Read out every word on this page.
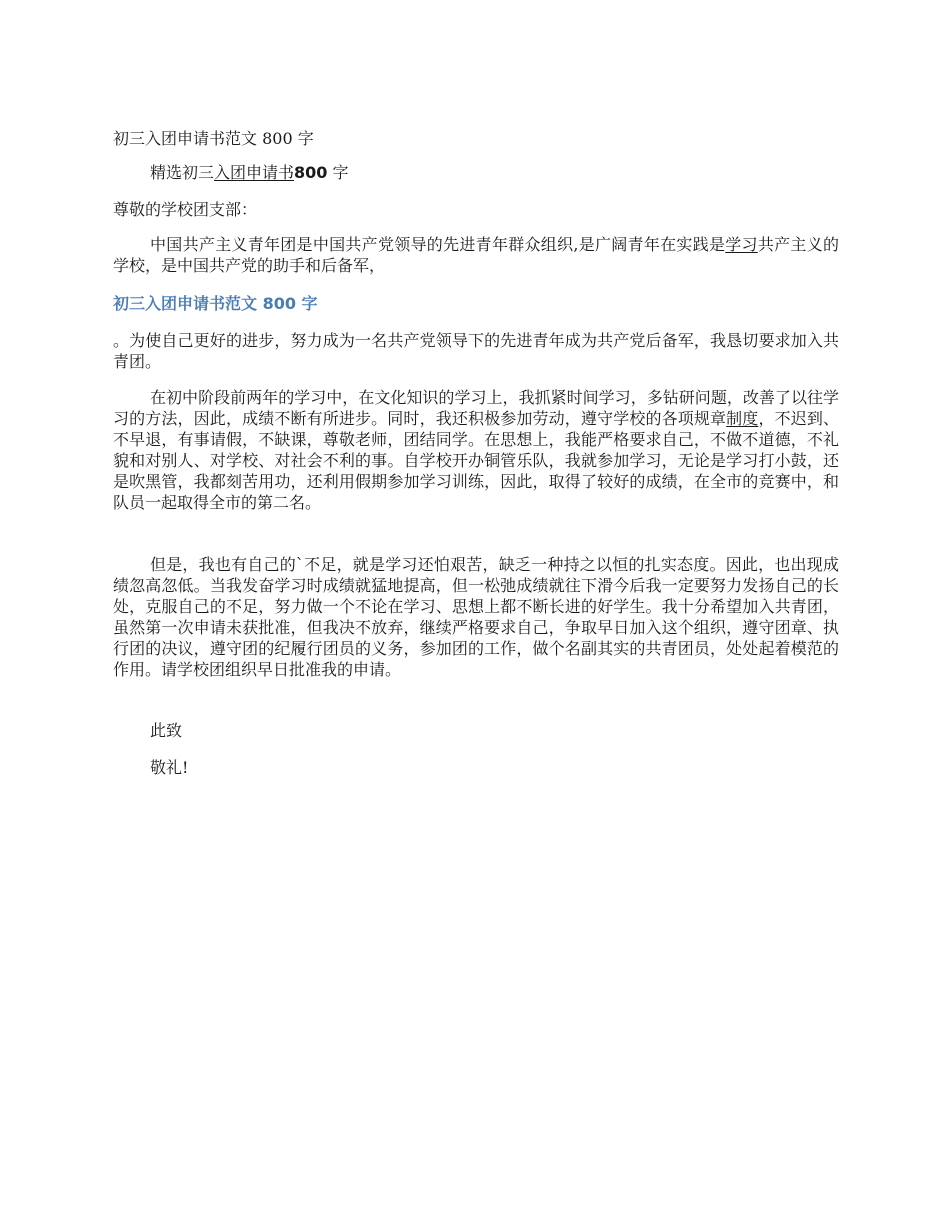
初三入团申请书范文 800 字

精选初三入团申请书800 字

尊敬的学校团支部：

中国共产主义青年团是中国共产党领导的先进青年群众组织,是广阔青年在实践是学习共产主义的学校，是中国共产党的助手和后备军，

初三入团申请书范文 800 字

。为使自己更好的进步，努力成为一名共产党领导下的先进青年成为共产党后备军，我恳切要求加入共青团。

在初中阶段前两年的学习中，在文化知识的学习上，我抓紧时间学习，多钻研问题，改善了以往学习的方法，因此，成绩不断有所进步。同时，我还积极参加劳动，遵守学校的各项规章制度，不迟到、不早退，有事请假，不缺课，尊敬老师，团结同学。在思想上，我能严格要求自己，不做不道德，不礼貌和对别人、对学校、对社会不利的事。自学校开办铜管乐队，我就参加学习，无论是学习打小鼓，还是吹黑管，我都刻苦用功，还利用假期参加学习训练，因此，取得了较好的成绩，在全市的竞赛中，和队员一起取得全市的第二名。

但是，我也有自己的`不足，就是学习还怕艰苦，缺乏一种持之以恒的扎实态度。因此，也出现成绩忽高忽低。当我发奋学习时成绩就猛地提高，但一松弛成绩就往下滑今后我一定要努力发扬自己的长处，克服自己的不足，努力做一个不论在学习、思想上都不断长进的好学生。我十分希望加入共青团，虽然第一次申请未获批准，但我决不放弃，继续严格要求自己，争取早日加入这个组织，遵守团章、执行团的决议，遵守团的纪履行团员的义务，参加团的工作，做个名副其实的共青团员，处处起着模范的作用。请学校团组织早日批准我的申请。

此致

敬礼!
